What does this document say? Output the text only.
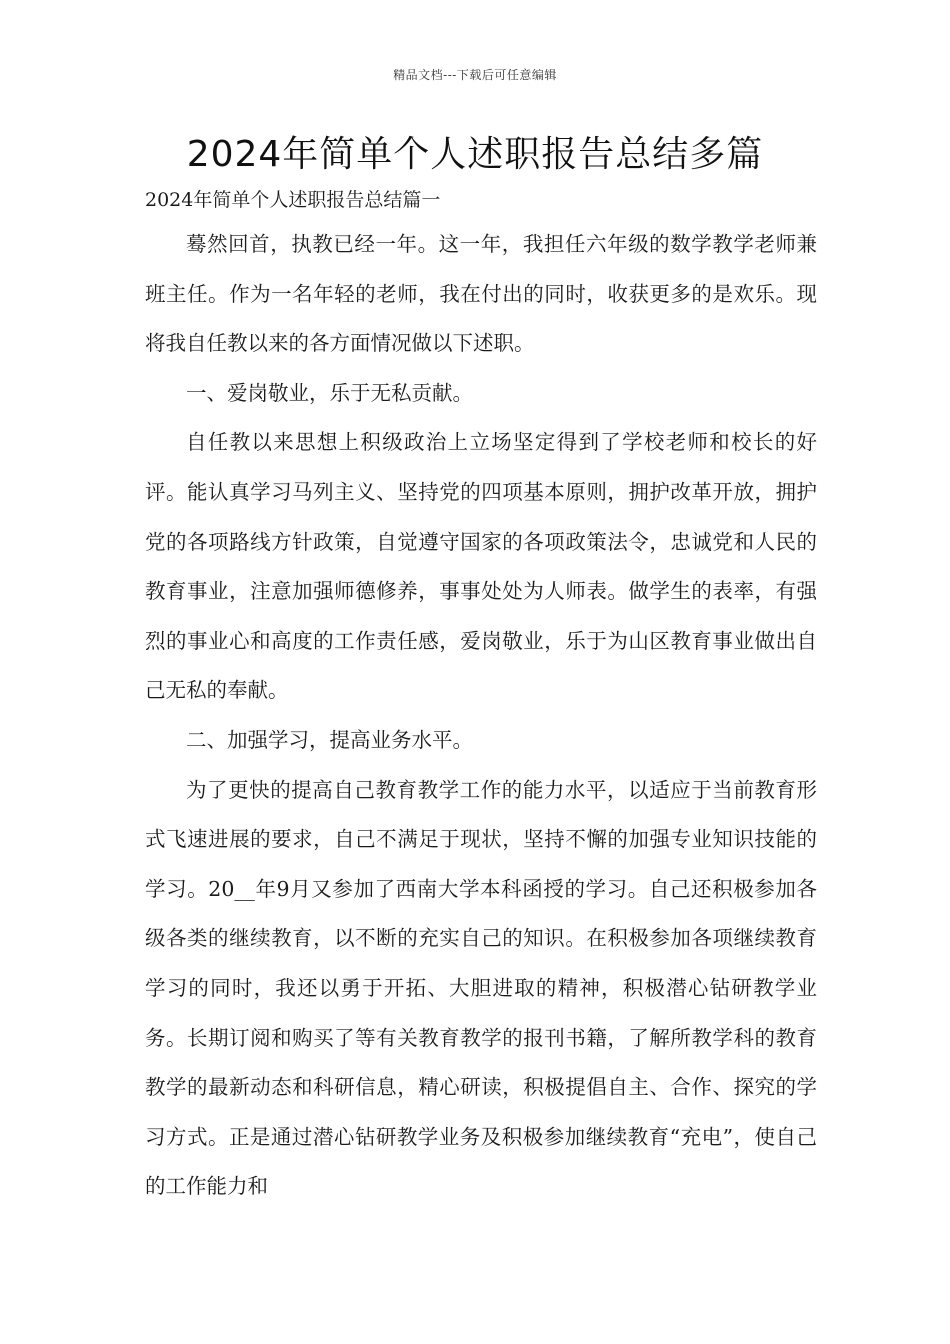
精品文档---下载后可任意编辑
2024年简单个人述职报告总结多篇

2024年简单个人述职报告总结篇一

蓦然回首，执教已经一年。这一年，我担任六年级的数学教学老师兼班主任。作为一名年轻的老师，我在付出的同时，收获更多的是欢乐。现将我自任教以来的各方面情况做以下述职。

一、爱岗敬业，乐于无私贡献。

自任教以来思想上积级政治上立场坚定得到了学校老师和校长的好评。能认真学习马列主义、坚持党的四项基本原则，拥护改革开放，拥护党的各项路线方针政策，自觉遵守国家的各项政策法令，忠诚党和人民的教育事业，注意加强师德修养，事事处处为人师表。做学生的表率，有强烈的事业心和高度的工作责任感，爱岗敬业，乐于为山区教育事业做出自己无私的奉献。

二、加强学习，提高业务水平。

为了更快的提高自己教育教学工作的能力水平，以适应于当前教育形式飞速进展的要求，自己不满足于现状，坚持不懈的加强专业知识技能的学习。20__年9月又参加了西南大学本科函授的学习。自己还积极参加各级各类的继续教育，以不断的充实自己的知识。在积极参加各项继续教育学习的同时，我还以勇于开拓、大胆进取的精神，积极潜心钻研教学业务。长期订阅和购买了等有关教育教学的报刊书籍，了解所教学科的教育教学的最新动态和科研信息，精心研读，积极提倡自主、合作、探究的学习方式。正是通过潜心钻研教学业务及积极参加继续教育“充电”，使自己的工作能力和
